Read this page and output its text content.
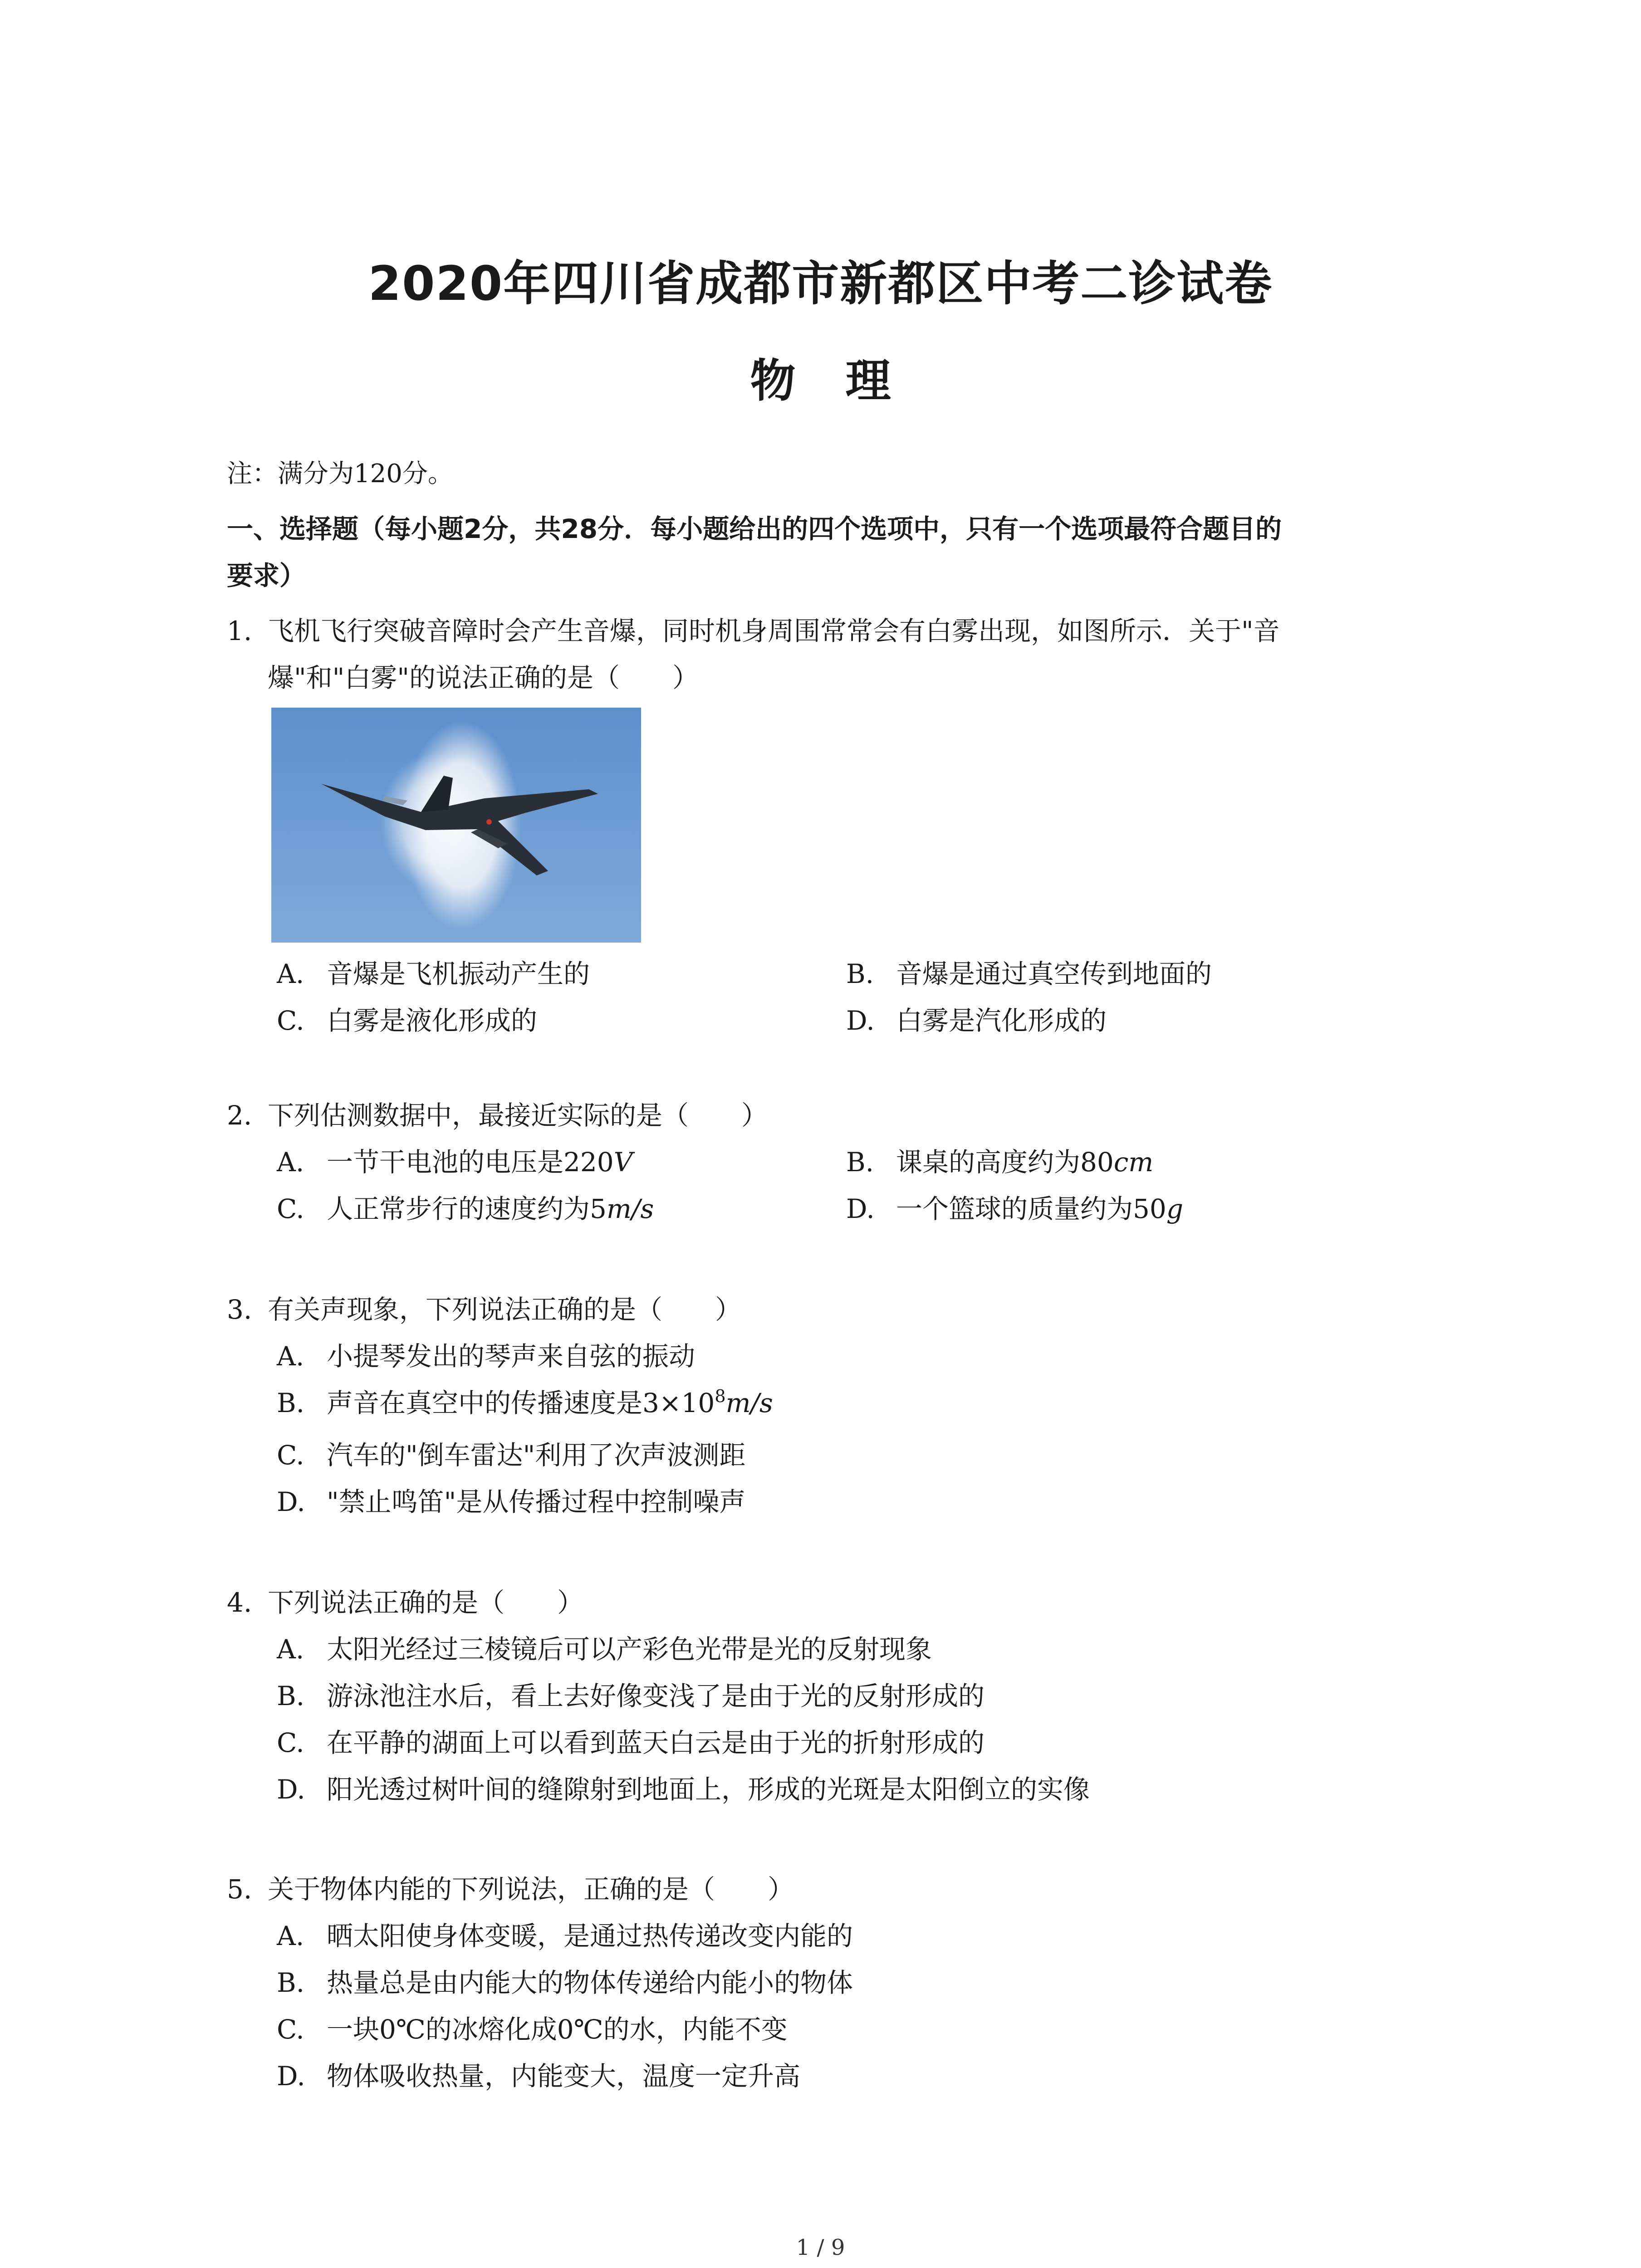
2020年四川省成都市新都区中考二诊试卷
物理
注：满分为120分。
一、选择题（每小题2分，共28分．每小题给出的四个选项中，只有一个选项最符合题目的
要求）
1. 飞机飞行突破音障时会产生音爆，同时机身周围常常会有白雾出现，如图所示．关于"音
爆"和"白雾"的说法正确的是（　　）
A. 音爆是飞机振动产生的	B. 音爆是通过真空传到地面的
C. 白雾是液化形成的	D. 白雾是汽化形成的
2. 下列估测数据中，最接近实际的是（　　）
A. 一节干电池的电压是220V	B. 课桌的高度约为80cm
C. 人正常步行的速度约为5m/s	D. 一个篮球的质量约为50g
3. 有关声现象，下列说法正确的是（　　）
A. 小提琴发出的琴声来自弦的振动
B. 声音在真空中的传播速度是$3\times 10^8m/s$
C. 汽车的"倒车雷达"利用了次声波测距
D. "禁止鸣笛"是从传播过程中控制噪声
4. 下列说法正确的是（　　）
A. 太阳光经过三棱镜后可以产彩色光带是光的反射现象
B. 游泳池注水后，看上去好像变浅了是由于光的反射形成的
C. 在平静的湖面上可以看到蓝天白云是由于光的折射形成的
D. 阳光透过树叶间的缝隙射到地面上，形成的光斑是太阳倒立的实像
5. 关于物体内能的下列说法，正确的是（　　）
A. 晒太阳使身体变暖，是通过热传递改变内能的
B. 热量总是由内能大的物体传递给内能小的物体
C. 一块0℃的冰熔化成0℃的水，内能不变
D. 物体吸收热量，内能变大，温度一定升高
1 / 9
